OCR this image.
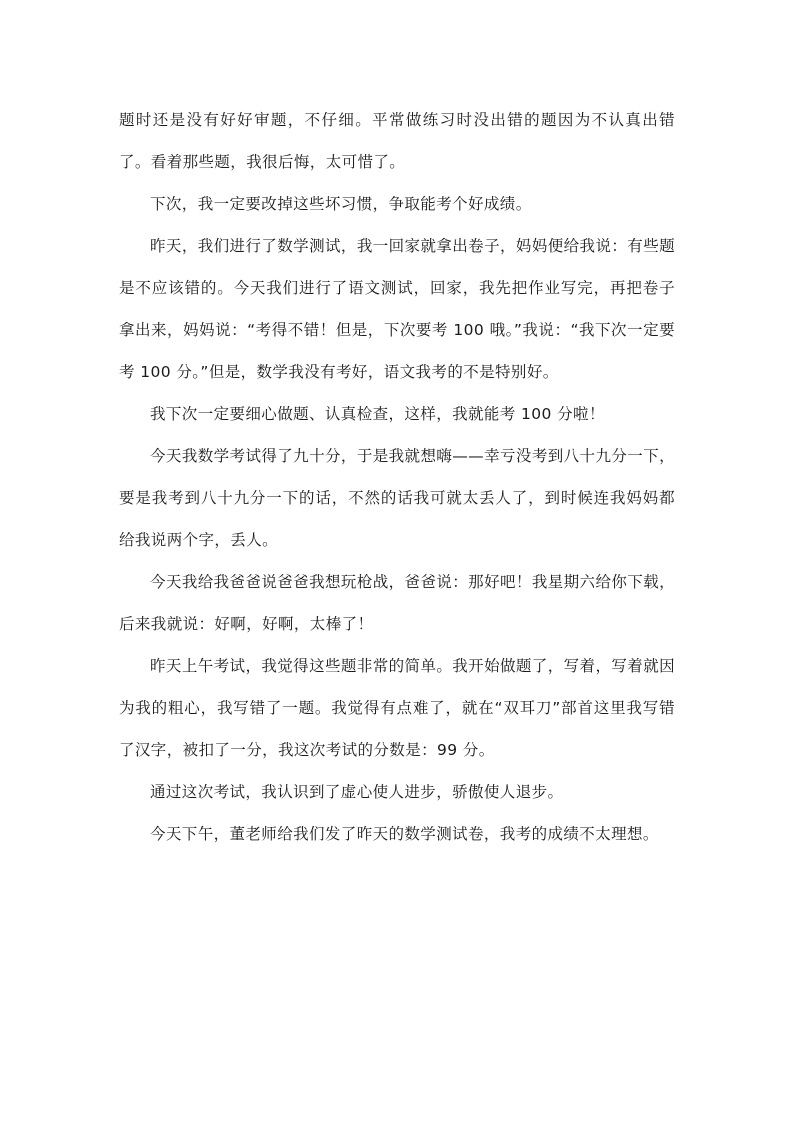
题时还是没有好好审题，不仔细。平常做练习时没出错的题因为不认真出错了。看着那些题，我很后悔，太可惜了。

下次，我一定要改掉这些坏习惯，争取能考个好成绩。

昨天，我们进行了数学测试，我一回家就拿出卷子，妈妈便给我说：有些题是不应该错的。今天我们进行了语文测试，回家，我先把作业写完，再把卷子拿出来，妈妈说：“考得不错！但是，下次要考 100 哦。”我说：“我下次一定要考 100 分。”但是，数学我没有考好，语文我考的不是特别好。

我下次一定要细心做题、认真检查，这样，我就能考 100 分啦！

今天我数学考试得了九十分，于是我就想嗨——幸亏没考到八十九分一下，要是我考到八十九分一下的话，不然的话我可就太丢人了，到时候连我妈妈都给我说两个字，丢人。

今天我给我爸爸说爸爸我想玩枪战，爸爸说：那好吧！我星期六给你下载，后来我就说：好啊，好啊，太棒了！

昨天上午考试，我觉得这些题非常的简单。我开始做题了，写着，写着就因为我的粗心，我写错了一题。我觉得有点难了，就在“双耳刀”部首这里我写错了汉字，被扣了一分，我这次考试的分数是：99 分。

通过这次考试，我认识到了虚心使人进步，骄傲使人退步。

今天下午，董老师给我们发了昨天的数学测试卷，我考的成绩不太理想。
